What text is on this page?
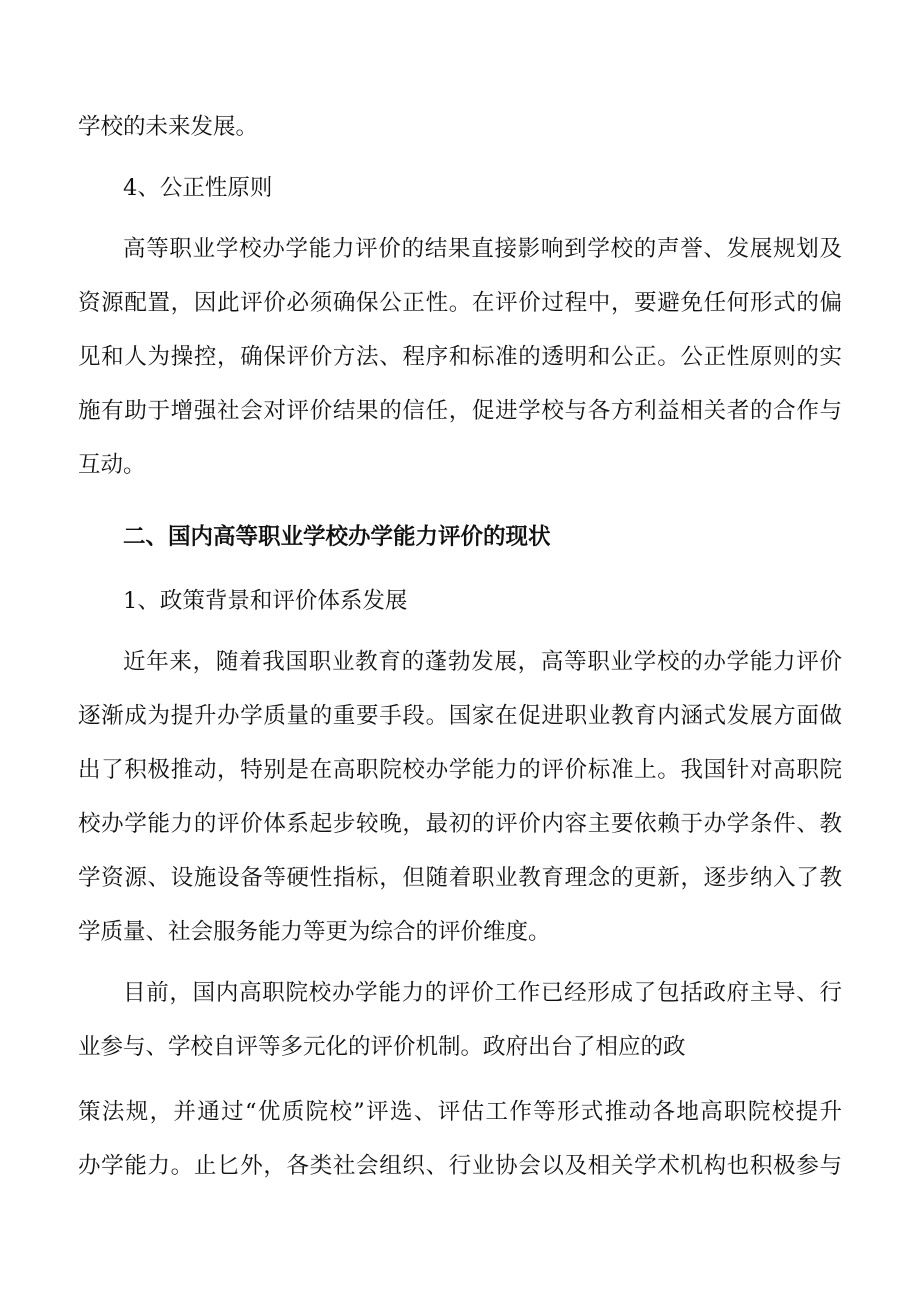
学校的未来发展。
4、公正性原则
高等职业学校办学能力评价的结果直接影响到学校的声誉、发展规划及
资源配置，因此评价必须确保公正性。在评价过程中，要避免任何形式的偏
见和人为操控，确保评价方法、程序和标准的透明和公正。公正性原则的实
施有助于增强社会对评价结果的信任，促进学校与各方利益相关者的合作与
互动。
二、国内高等职业学校办学能力评价的现状
1、政策背景和评价体系发展
近年来，随着我国职业教育的蓬勃发展，高等职业学校的办学能力评价
逐渐成为提升办学质量的重要手段。国家在促进职业教育内涵式发展方面做
出了积极推动，特别是在高职院校办学能力的评价标准上。我国针对高职院
校办学能力的评价体系起步较晚，最初的评价内容主要依赖于办学条件、教
学资源、设施设备等硬性指标，但随着职业教育理念的更新，逐步纳入了教
学质量、社会服务能力等更为综合的评价维度。
目前，国内高职院校办学能力的评价工作已经形成了包括政府主导、行
业参与、学校自评等多元化的评价机制。政府出台了相应的政
策法规，并通过“优质院校”评选、评估工作等形式推动各地高职院校提升
办学能力。止匕外，各类社会组织、行业协会以及相关学术机构也积极参与
